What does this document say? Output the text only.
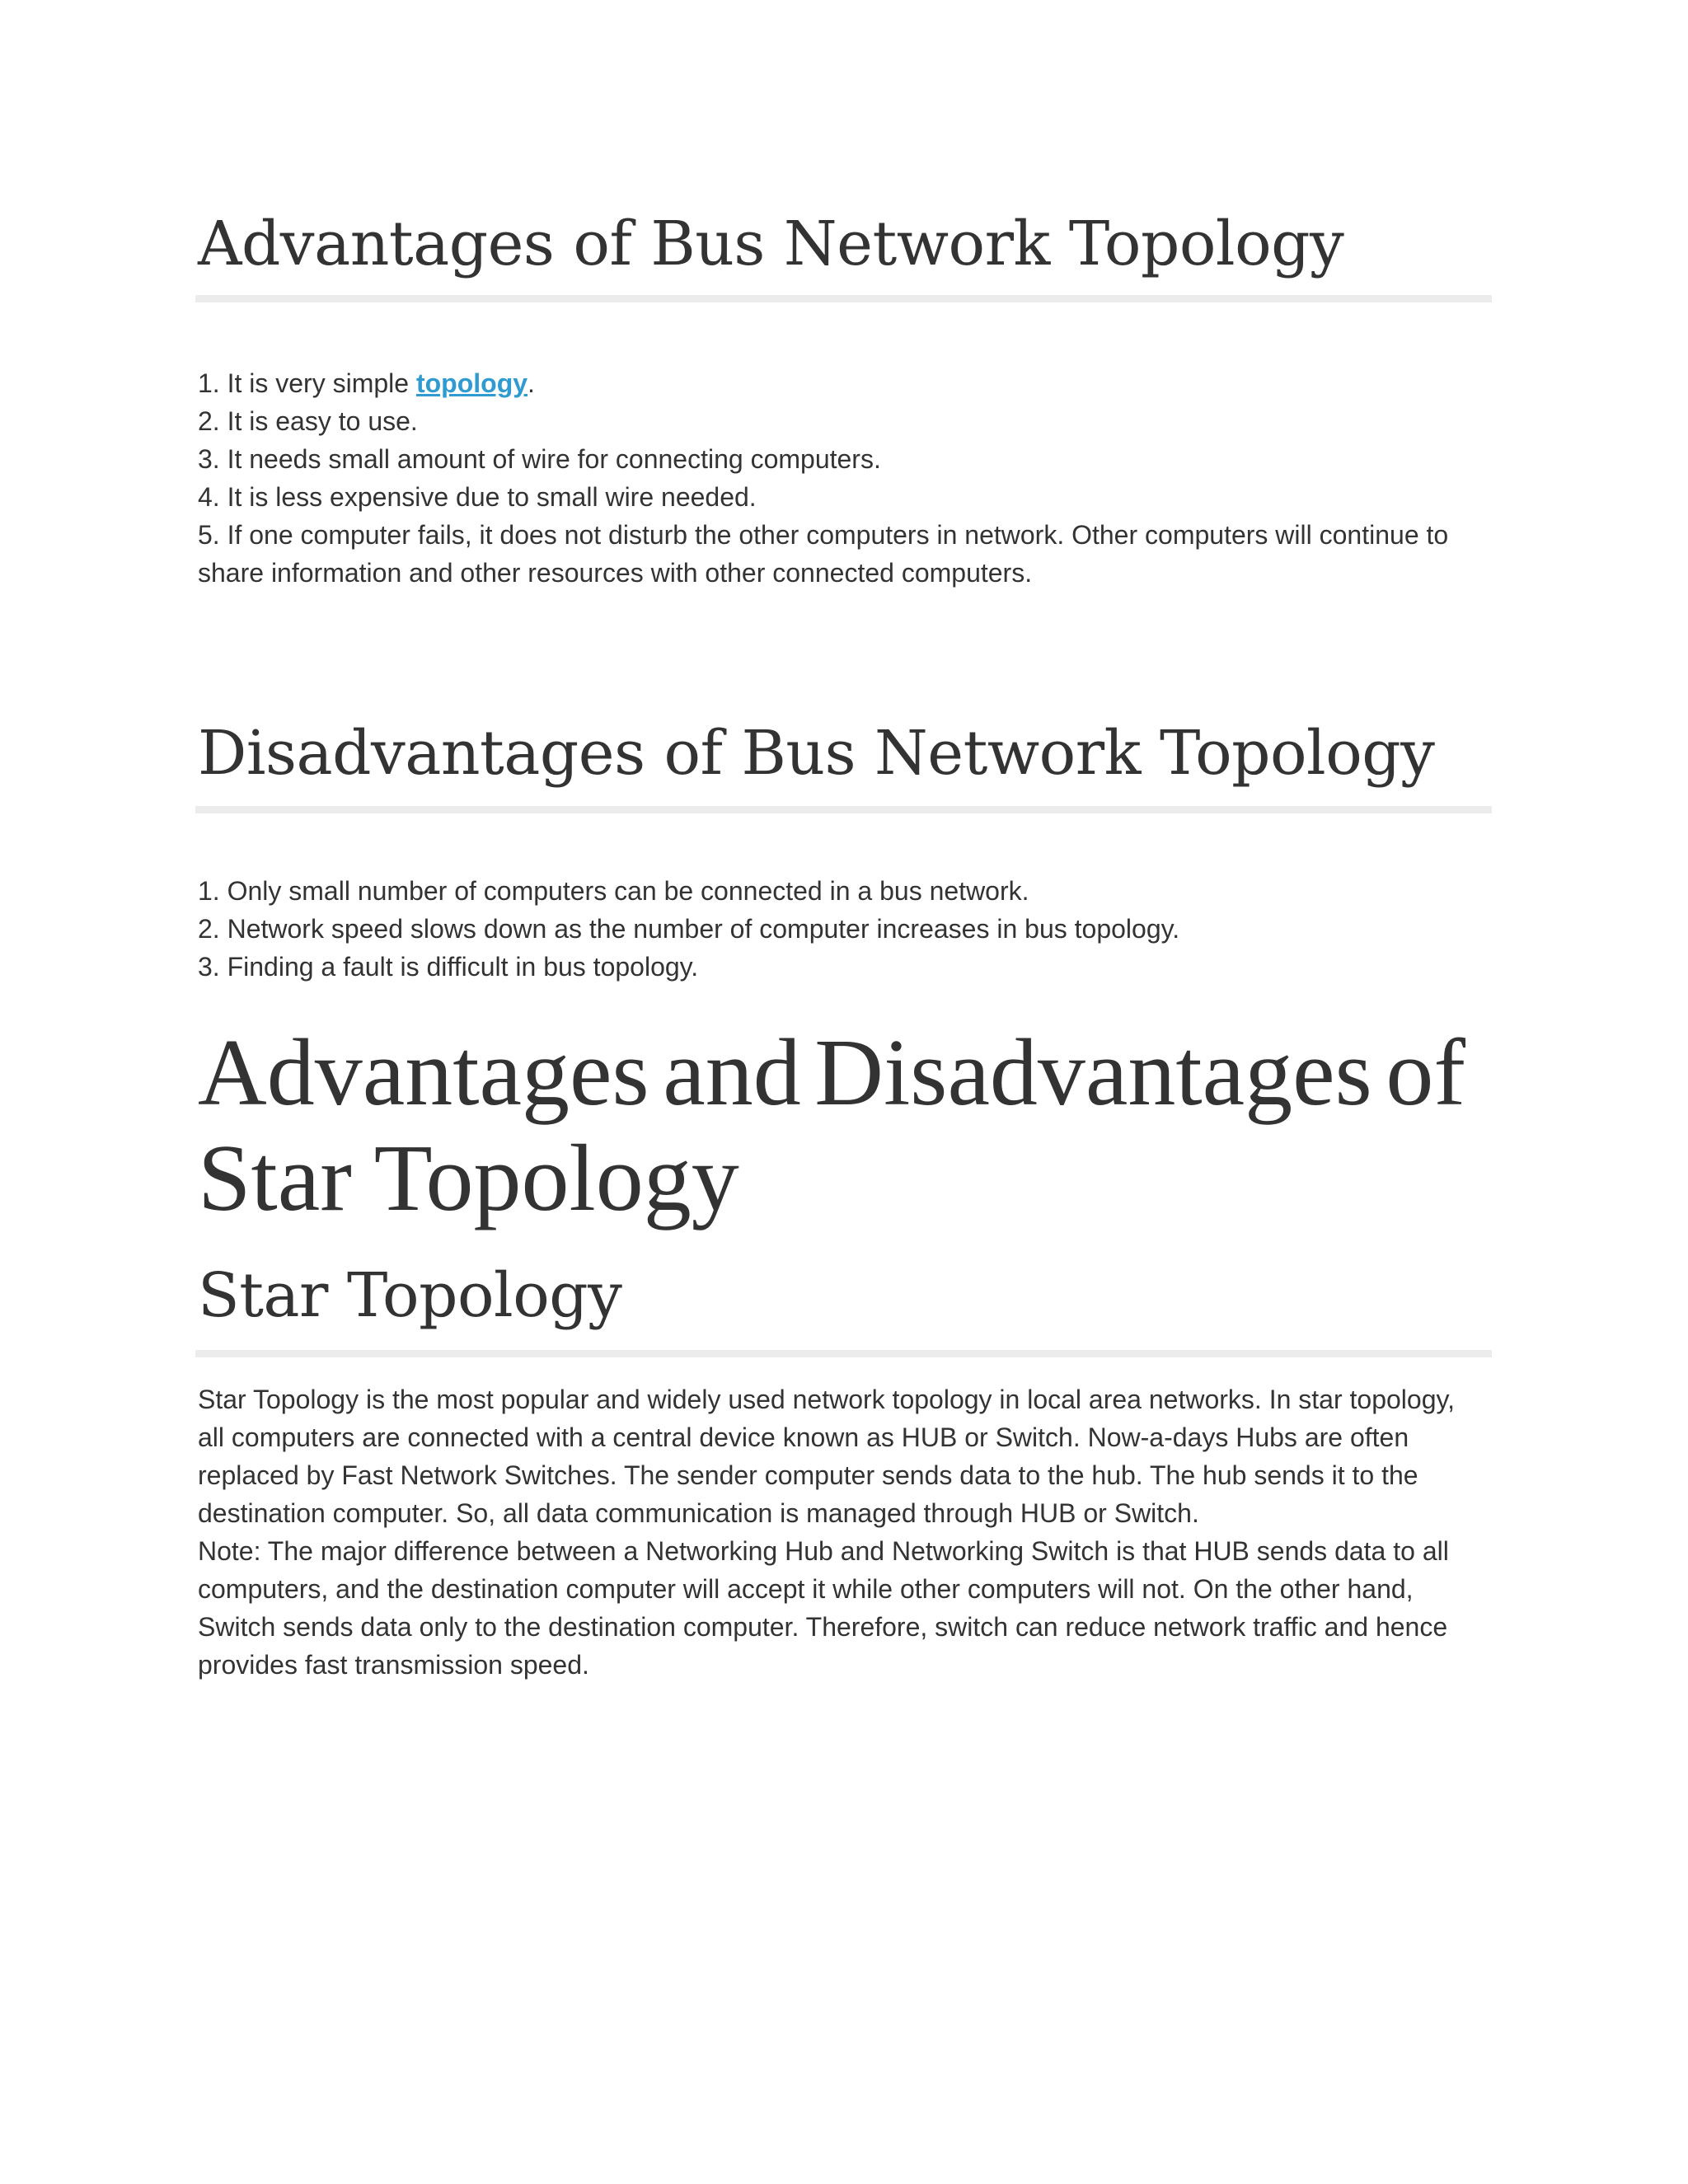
Advantages of Bus Network Topology
1. It is very simple topology.
2. It is easy to use.
3. It needs small amount of wire for connecting computers.
4. It is less expensive due to small wire needed.
5. If one computer fails, it does not disturb the other computers in network. Other computers will continue to share information and other resources with other connected computers.
Disadvantages of Bus Network Topology
1. Only small number of computers can be connected in a bus network.
2. Network speed slows down as the number of computer increases in bus topology.
3. Finding a fault is difficult in bus topology.
Advantages and Disadvantages of
Star Topology
Star Topology

Star Topology is the most popular and widely used network topology in local area networks. In star topology, all computers are connected with a central device known as HUB or Switch. Now-a-days Hubs are often replaced by Fast Network Switches. The sender computer sends data to the hub. The hub sends it to the destination computer. So, all data communication is managed through HUB or Switch.

Note: The major difference between a Networking Hub and Networking Switch is that HUB sends data to all computers, and the destination computer will accept it while other computers will not. On the other hand, Switch sends data only to the destination computer. Therefore, switch can reduce network traffic and hence provides fast transmission speed.
